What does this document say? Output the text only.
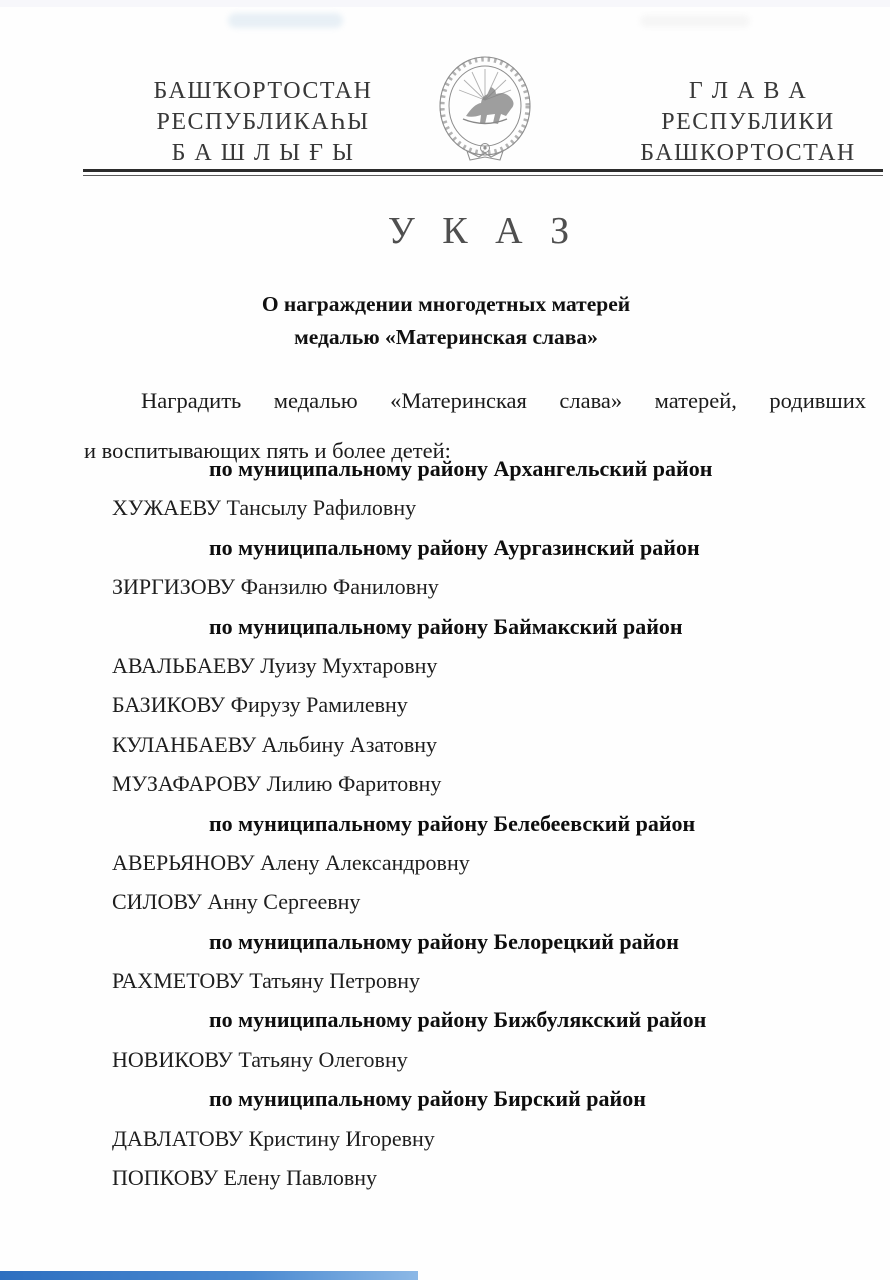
БАШҠОРТОСТАН
РЕСПУБЛИКАҺЫ
Б А Ш Л Ы Ғ Ы
Г Л А В А
РЕСПУБЛИКИ
БАШКОРТОСТАН
У К А З
О награждении многодетных матерей
медалью «Материнская слава»
Наградить медалью «Материнская слава» матерей, родивших
и воспитывающих пять и более детей:
по муниципальному району Архангельский район
ХУЖАЕВУ Тансылу Рафиловну
по муниципальному району Аургазинский район
ЗИРГИЗОВУ Фанзилю Фаниловну
по муниципальному району Баймакский район
АВАЛЬБАЕВУ Луизу Мухтаровну
БАЗИКОВУ Фирузу Рамилевну
КУЛАНБАЕВУ Альбину Азатовну
МУЗАФАРОВУ Лилию Фаритовну
по муниципальному району Белебеевский район
АВЕРЬЯНОВУ Алену Александровну
СИЛОВУ Анну Сергеевну
по муниципальному району Белорецкий район
РАХМЕТОВУ Татьяну Петровну
по муниципальному району Бижбулякский район
НОВИКОВУ Татьяну Олеговну
по муниципальному району Бирский район
ДАВЛАТОВУ Кристину Игоревну
ПОПКОВУ Елену Павловну
